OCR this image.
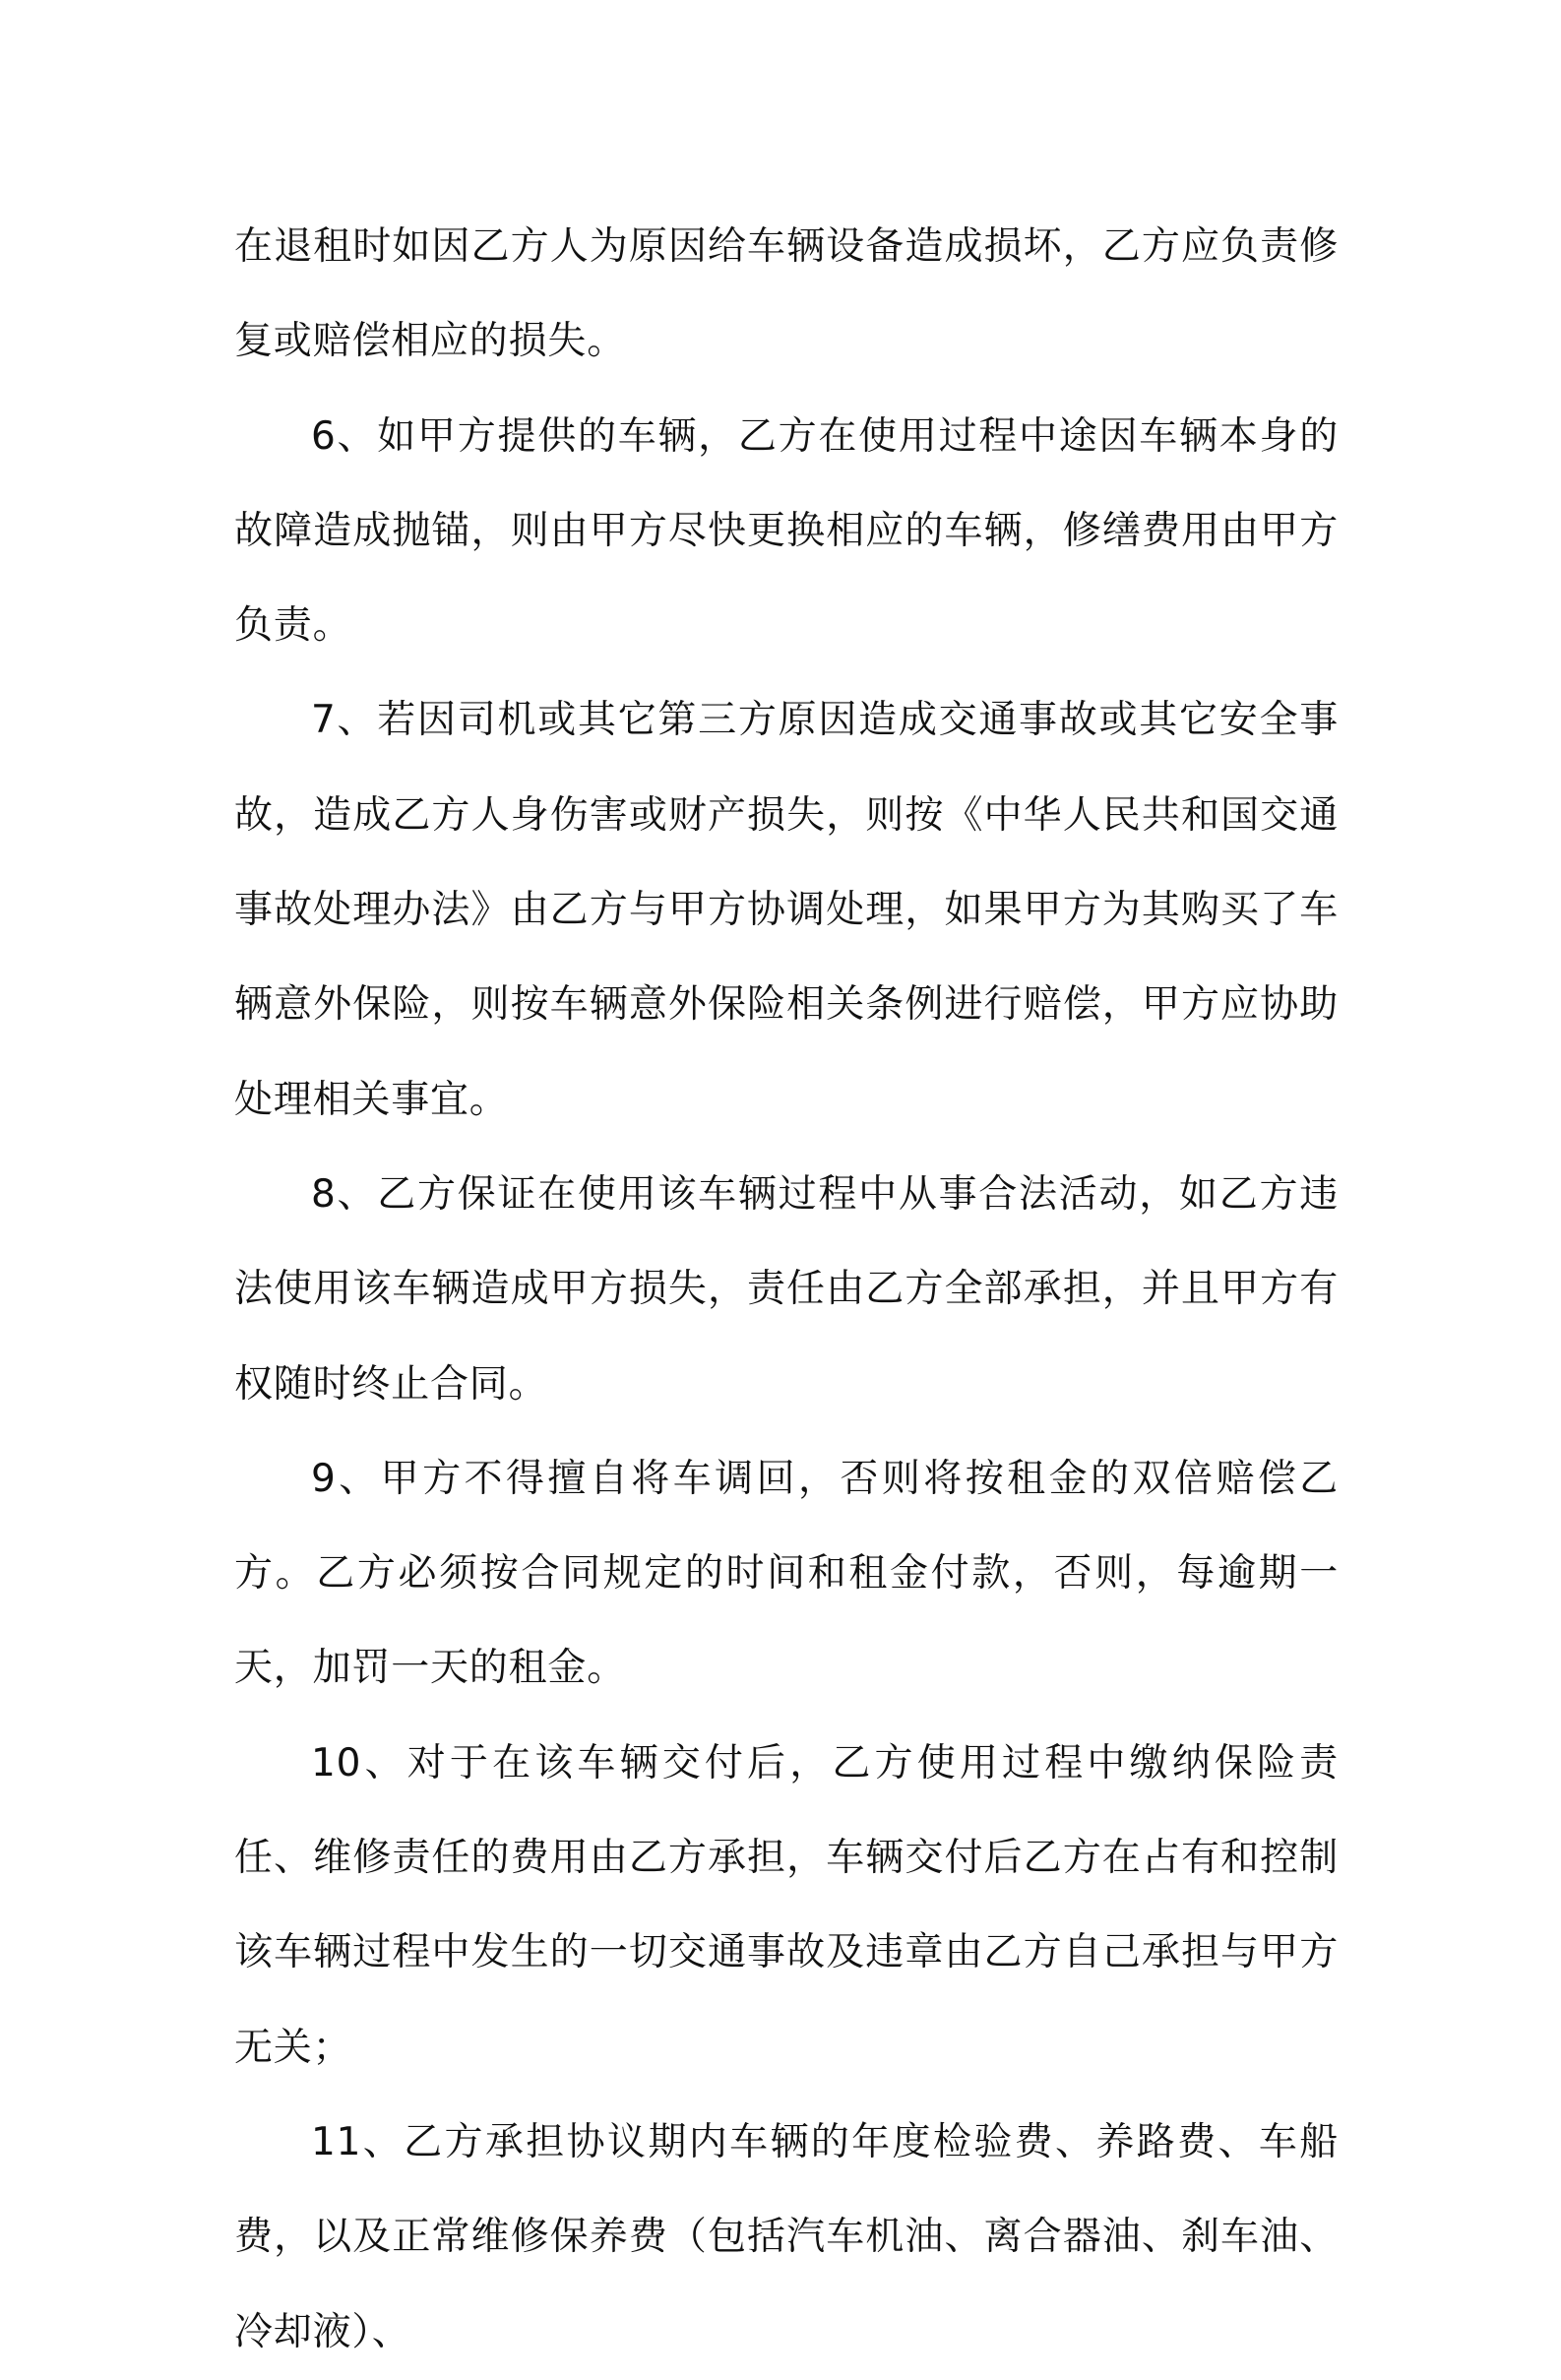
在退租时如因乙方人为原因给车辆设备造成损坏，乙方应负责修复或赔偿相应的损失。

6、如甲方提供的车辆，乙方在使用过程中途因车辆本身的故障造成抛锚，则由甲方尽快更换相应的车辆，修缮费用由甲方负责。

7、若因司机或其它第三方原因造成交通事故或其它安全事故，造成乙方人身伤害或财产损失，则按《中华人民共和国交通事故处理办法》由乙方与甲方协调处理，如果甲方为其购买了车辆意外保险，则按车辆意外保险相关条例进行赔偿，甲方应协助处理相关事宜。

8、乙方保证在使用该车辆过程中从事合法活动，如乙方违法使用该车辆造成甲方损失，责任由乙方全部承担，并且甲方有权随时终止合同。

9、甲方不得擅自将车调回，否则将按租金的双倍赔偿乙方。乙方必须按合同规定的时间和租金付款，否则，每逾期一天，加罚一天的租金。

10、对于在该车辆交付后，乙方使用过程中缴纳保险责任、维修责任的费用由乙方承担，车辆交付后乙方在占有和控制该车辆过程中发生的一切交通事故及违章由乙方自己承担与甲方无关；

11、乙方承担协议期内车辆的年度检验费、养路费、车船费，以及正常维修保养费（包括汽车机油、离合器油、刹车油、冷却液）、
